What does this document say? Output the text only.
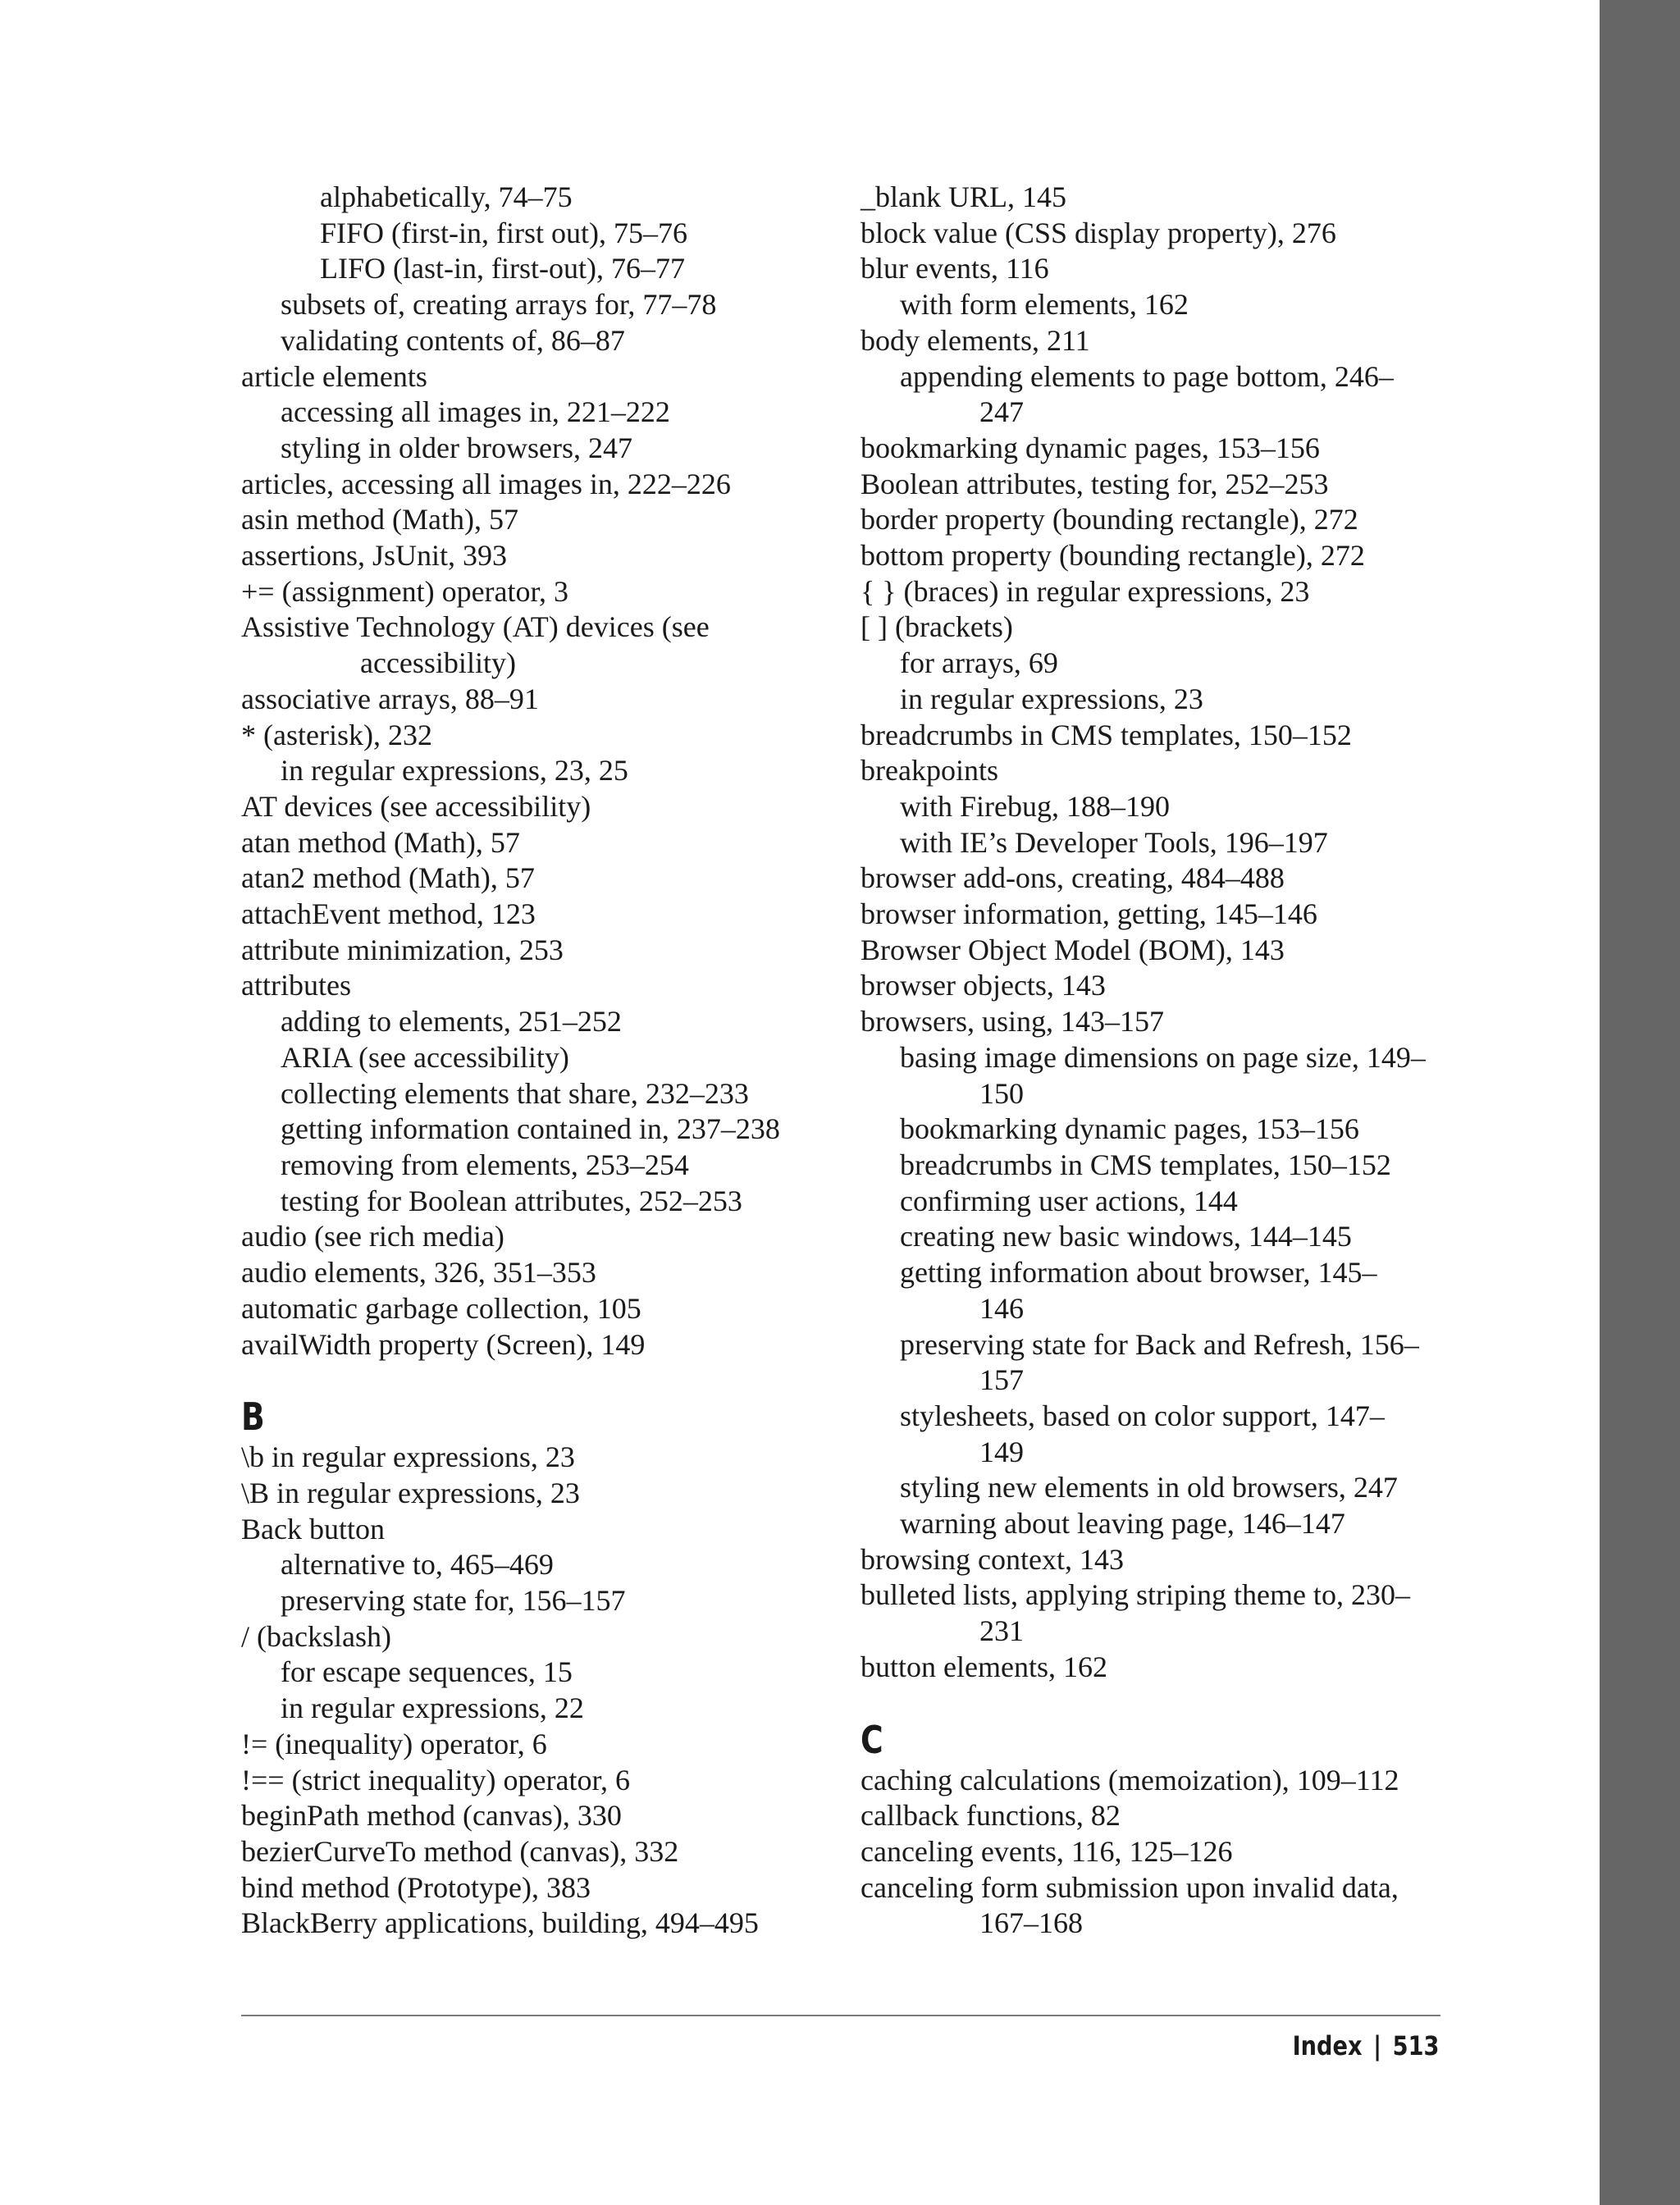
alphabetically, 74–75
FIFO (first-in, first out), 75–76
LIFO (last-in, first-out), 76–77
subsets of, creating arrays for, 77–78
validating contents of, 86–87
article elements
accessing all images in, 221–222
styling in older browsers, 247
articles, accessing all images in, 222–226
asin method (Math), 57
assertions, JsUnit, 393
+= (assignment) operator, 3
Assistive Technology (AT) devices (see
accessibility)
associative arrays, 88–91
* (asterisk), 232
in regular expressions, 23, 25
AT devices (see accessibility)
atan method (Math), 57
atan2 method (Math), 57
attachEvent method, 123
attribute minimization, 253
attributes
adding to elements, 251–252
ARIA (see accessibility)
collecting elements that share, 232–233
getting information contained in, 237–238
removing from elements, 253–254
testing for Boolean attributes, 252–253
audio (see rich media)
audio elements, 326, 351–353
automatic garbage collection, 105
availWidth property (Screen), 149
B
\b in regular expressions, 23
\B in regular expressions, 23
Back button
alternative to, 465–469
preserving state for, 156–157
/ (backslash)
for escape sequences, 15
in regular expressions, 22
!= (inequality) operator, 6
!== (strict inequality) operator, 6
beginPath method (canvas), 330
bezierCurveTo method (canvas), 332
bind method (Prototype), 383
BlackBerry applications, building, 494–495
_blank URL, 145
block value (CSS display property), 276
blur events, 116
with form elements, 162
body elements, 211
appending elements to page bottom, 246–
247
bookmarking dynamic pages, 153–156
Boolean attributes, testing for, 252–253
border property (bounding rectangle), 272
bottom property (bounding rectangle), 272
{ } (braces) in regular expressions, 23
[ ] (brackets)
for arrays, 69
in regular expressions, 23
breadcrumbs in CMS templates, 150–152
breakpoints
with Firebug, 188–190
with IE’s Developer Tools, 196–197
browser add-ons, creating, 484–488
browser information, getting, 145–146
Browser Object Model (BOM), 143
browser objects, 143
browsers, using, 143–157
basing image dimensions on page size, 149–
150
bookmarking dynamic pages, 153–156
breadcrumbs in CMS templates, 150–152
confirming user actions, 144
creating new basic windows, 144–145
getting information about browser, 145–
146
preserving state for Back and Refresh, 156–
157
stylesheets, based on color support, 147–
149
styling new elements in old browsers, 247
warning about leaving page, 146–147
browsing context, 143
bulleted lists, applying striping theme to, 230–
231
button elements, 162
C
caching calculations (memoization), 109–112
callback functions, 82
canceling events, 116, 125–126
canceling form submission upon invalid data,
167–168
Index | 513
